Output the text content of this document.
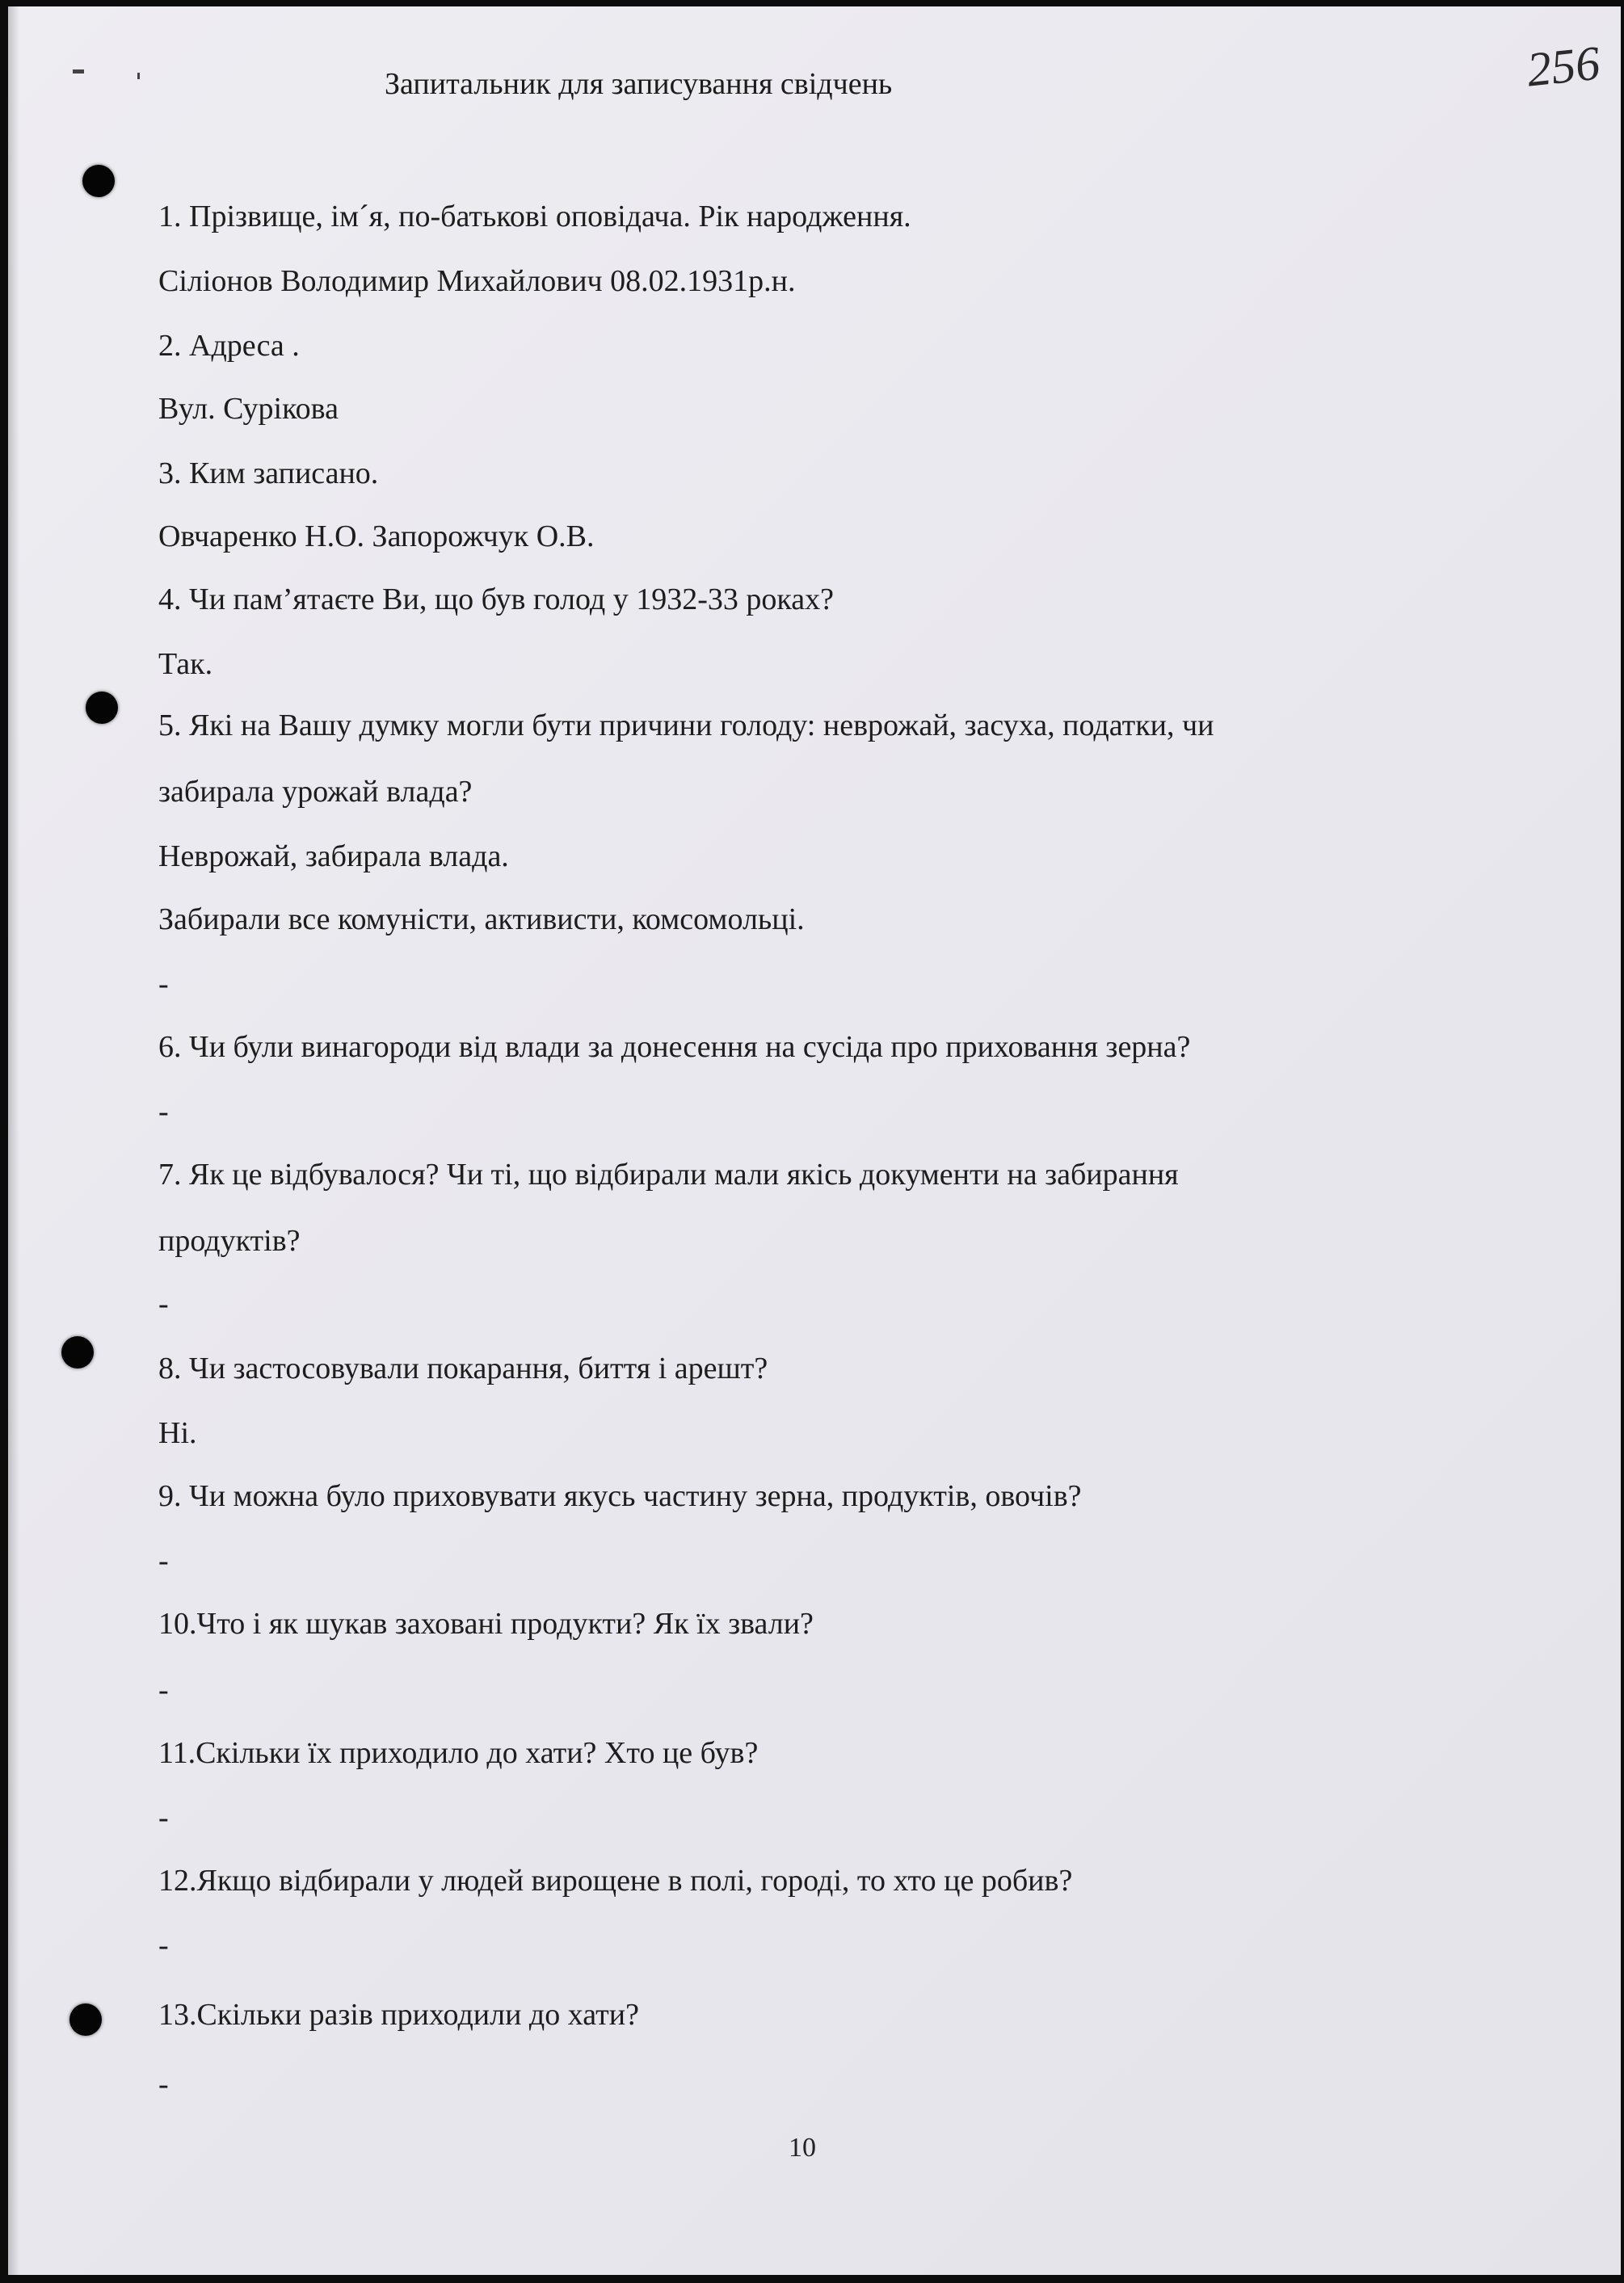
Запитальник для записування свідчень	256
1. Прізвище, ім´я, по-батькові оповідача. Рік народження.
Сіліонов Володимир Михайлович 08.02.1931р.н.
2. Адреса .
Вул. Сурікова
3. Ким записано.
Овчаренко Н.О. Запорожчук О.В.
4. Чи пам’ятаєте Ви, що був голод у 1932-33 роках?
Так.
5. Які на Вашу думку могли бути причини голоду: неврожай, засуха, податки, чи
забирала урожай влада?
Неврожай, забирала влада.
Забирали все комуністи, активисти, комсомольці.
-
6. Чи були винагороди від влади за донесення на сусіда про приховання зерна?
-
7. Як це відбувалося? Чи ті, що відбирали мали якісь документи на забирання
продуктів?
-
8. Чи застосовували покарання, биття і арешт?
Ні.
9. Чи можна було приховувати якусь частину зерна, продуктів, овочів?
-
10.Что і як шукав заховані продукти? Як їх звали?
-
11.Скільки їх приходило до хати? Хто це був?
-
12.Якщо відбирали у людей вирощене в полі, городі, то хто це робив?
-
13.Скільки разів приходили до хати?
-
10
